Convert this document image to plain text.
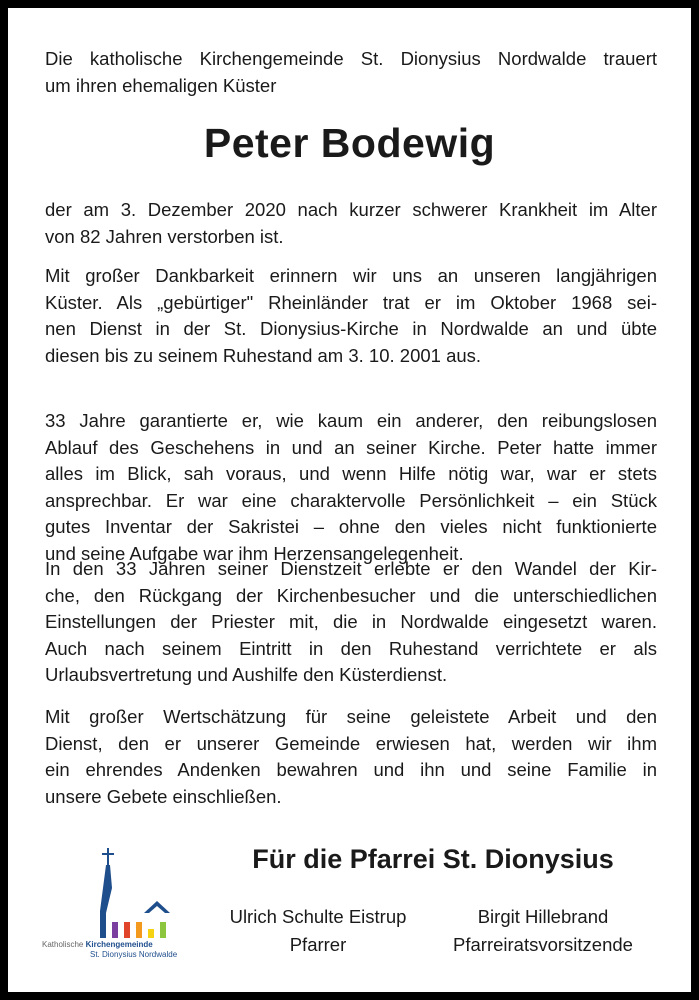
Die katholische Kirchengemeinde St. Dionysius Nordwalde trauert
um ihren ehemaligen Küster
Peter Bodewig
der am 3. Dezember 2020 nach kurzer schwerer Krankheit im Alter
von 82 Jahren verstorben ist.
Mit großer Dankbarkeit erinnern wir uns an unseren langjährigen
Küster. Als „gebürtiger" Rheinländer trat er im Oktober 1968 sei-
nen Dienst in der St. Dionysius-Kirche in Nordwalde an und übte
diesen bis zu seinem Ruhestand am 3. 10. 2001 aus.
33 Jahre garantierte er, wie kaum ein anderer, den reibungslosen
Ablauf des Geschehens in und an seiner Kirche. Peter hatte immer
alles im Blick, sah voraus, und wenn Hilfe nötig war, war er stets
ansprechbar. Er war eine charaktervolle Persönlichkeit – ein Stück
gutes Inventar der Sakristei – ohne den vieles nicht funktionierte
und seine Aufgabe war ihm Herzensangelegenheit.
In den 33 Jahren seiner Dienstzeit erlebte er den Wandel der Kir-
che, den Rückgang der Kirchenbesucher und die unterschiedlichen
Einstellungen der Priester mit, die in Nordwalde eingesetzt waren.
Auch nach seinem Eintritt in den Ruhestand verrichtete er als
Urlaubsvertretung und Aushilfe den Küsterdienst.
Mit großer Wertschätzung für seine geleistete Arbeit und den
Dienst, den er unserer Gemeinde erwiesen hat, werden wir ihm
ein ehrendes Andenken bewahren und ihn und seine Familie in
unsere Gebete einschließen.
Katholische Kirchengemeinde
St. Dionysius Nordwalde
Für die Pfarrei St. Dionysius
Ulrich Schulte Eistrup
Pfarrer
Birgit Hillebrand
Pfarreiratsvorsitzende
